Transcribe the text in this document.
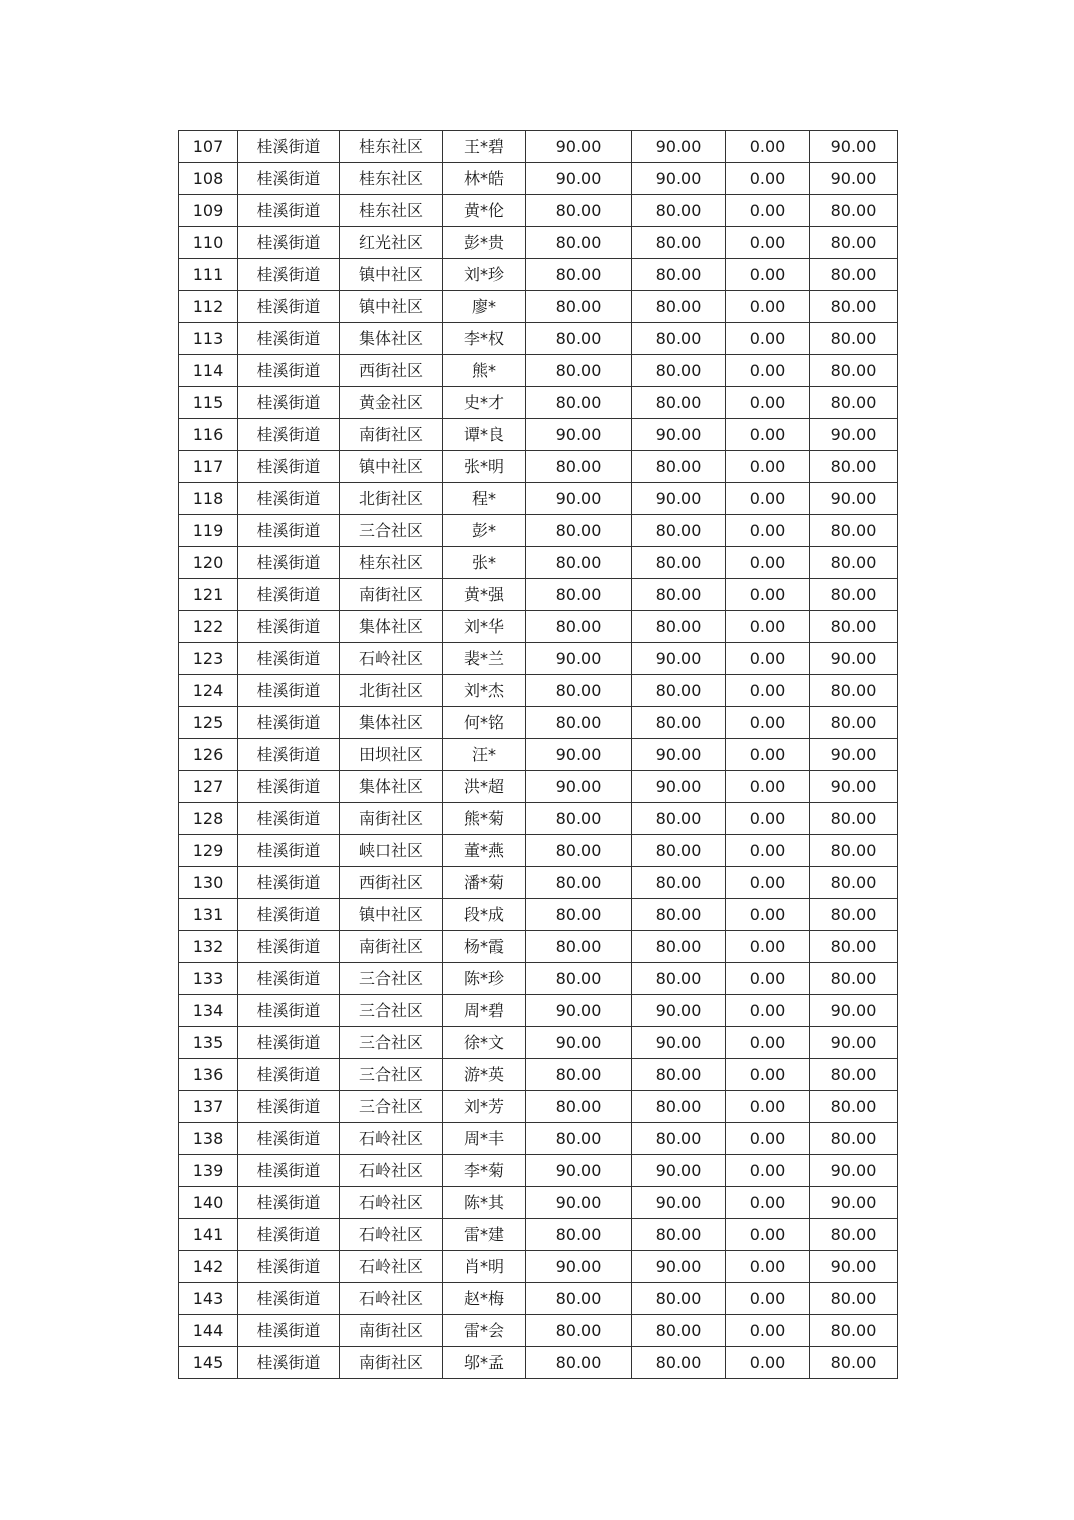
107	桂溪街道	桂东社区	王*碧	90.00	90.00	0.00	90.00
108	桂溪街道	桂东社区	林*皓	90.00	90.00	0.00	90.00
109	桂溪街道	桂东社区	黄*伦	80.00	80.00	0.00	80.00
110	桂溪街道	红光社区	彭*贵	80.00	80.00	0.00	80.00
111	桂溪街道	镇中社区	刘*珍	80.00	80.00	0.00	80.00
112	桂溪街道	镇中社区	廖*	80.00	80.00	0.00	80.00
113	桂溪街道	集体社区	李*权	80.00	80.00	0.00	80.00
114	桂溪街道	西街社区	熊*	80.00	80.00	0.00	80.00
115	桂溪街道	黄金社区	史*才	80.00	80.00	0.00	80.00
116	桂溪街道	南街社区	谭*良	90.00	90.00	0.00	90.00
117	桂溪街道	镇中社区	张*明	80.00	80.00	0.00	80.00
118	桂溪街道	北街社区	程*	90.00	90.00	0.00	90.00
119	桂溪街道	三合社区	彭*	80.00	80.00	0.00	80.00
120	桂溪街道	桂东社区	张*	80.00	80.00	0.00	80.00
121	桂溪街道	南街社区	黄*强	80.00	80.00	0.00	80.00
122	桂溪街道	集体社区	刘*华	80.00	80.00	0.00	80.00
123	桂溪街道	石岭社区	裴*兰	90.00	90.00	0.00	90.00
124	桂溪街道	北街社区	刘*杰	80.00	80.00	0.00	80.00
125	桂溪街道	集体社区	何*铭	80.00	80.00	0.00	80.00
126	桂溪街道	田坝社区	汪*	90.00	90.00	0.00	90.00
127	桂溪街道	集体社区	洪*超	90.00	90.00	0.00	90.00
128	桂溪街道	南街社区	熊*菊	80.00	80.00	0.00	80.00
129	桂溪街道	峡口社区	董*燕	80.00	80.00	0.00	80.00
130	桂溪街道	西街社区	潘*菊	80.00	80.00	0.00	80.00
131	桂溪街道	镇中社区	段*成	80.00	80.00	0.00	80.00
132	桂溪街道	南街社区	杨*霞	80.00	80.00	0.00	80.00
133	桂溪街道	三合社区	陈*珍	80.00	80.00	0.00	80.00
134	桂溪街道	三合社区	周*碧	90.00	90.00	0.00	90.00
135	桂溪街道	三合社区	徐*文	90.00	90.00	0.00	90.00
136	桂溪街道	三合社区	游*英	80.00	80.00	0.00	80.00
137	桂溪街道	三合社区	刘*芳	80.00	80.00	0.00	80.00
138	桂溪街道	石岭社区	周*丰	80.00	80.00	0.00	80.00
139	桂溪街道	石岭社区	李*菊	90.00	90.00	0.00	90.00
140	桂溪街道	石岭社区	陈*其	90.00	90.00	0.00	90.00
141	桂溪街道	石岭社区	雷*建	80.00	80.00	0.00	80.00
142	桂溪街道	石岭社区	肖*明	90.00	90.00	0.00	90.00
143	桂溪街道	石岭社区	赵*梅	80.00	80.00	0.00	80.00
144	桂溪街道	南街社区	雷*会	80.00	80.00	0.00	80.00
145	桂溪街道	南街社区	邬*孟	80.00	80.00	0.00	80.00
